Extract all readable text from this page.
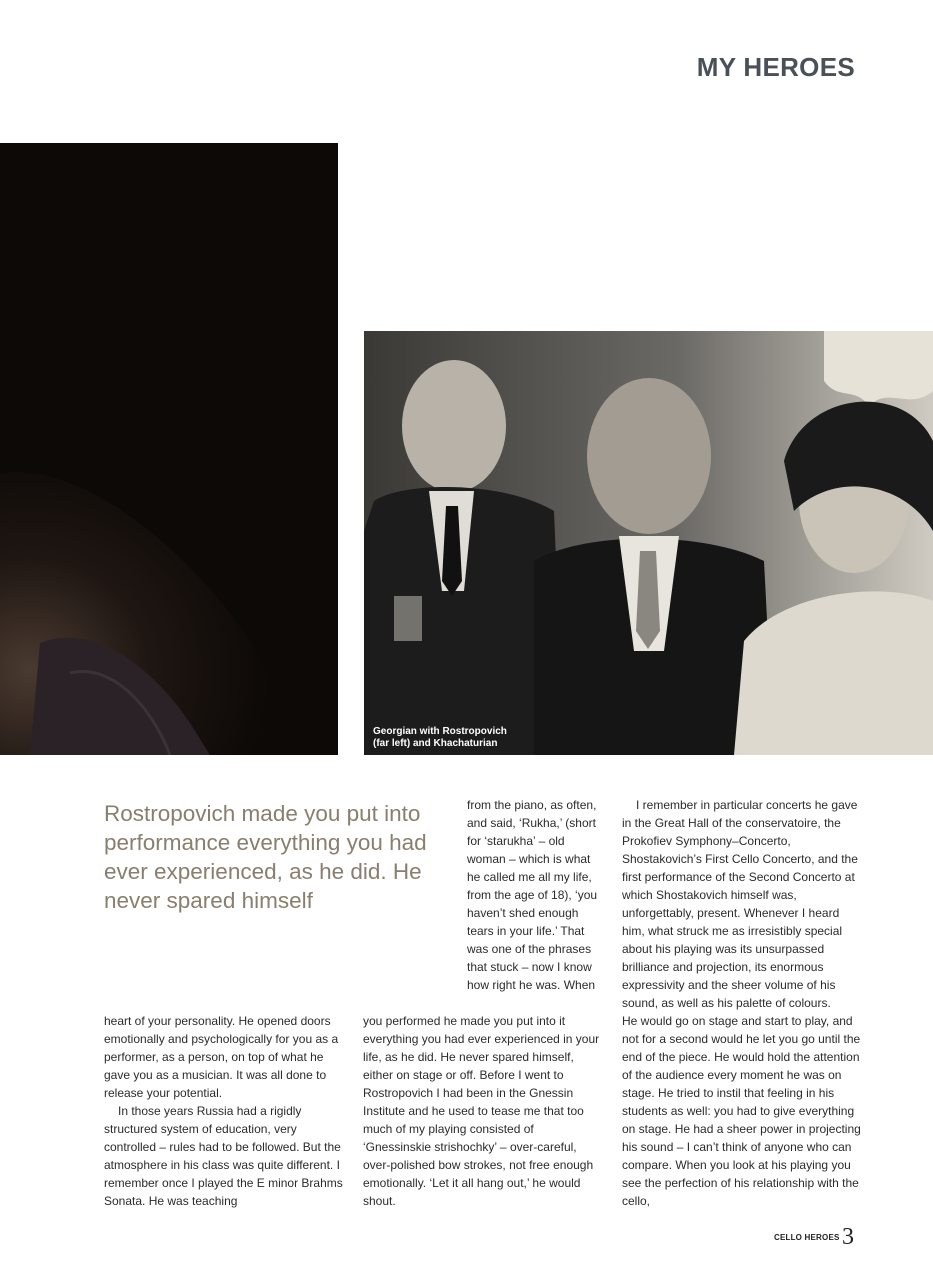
MY HEROES
Georgian with Rostropovich
(far left) and Khachaturian

Rostropovich made you put into performance everything you had ever experienced, as he did. He never spared himself

from the piano, as often, and said, ‘Rukha,’ (short for ‘starukha’ – old woman – which is what he called me all my life, from the age of 18), ‘you haven’t shed enough tears in your life.’ That was one of the phrases that stuck – now I know how right he was. When

heart of your personality. He opened doors emotionally and psychologically for you as a performer, as a person, on top of what he gave you as a musician. It was all done to release your potential.

In those years Russia had a rigidly structured system of education, very controlled – rules had to be followed. But the atmosphere in his class was quite different. I remember once I played the E minor Brahms Sonata. He was teaching

you performed he made you put into it everything you had ever experienced in your life, as he did. He never spared himself, either on stage or off. Before I went to Rostropovich I had been in the Gnessin Institute and he used to tease me that too much of my playing consisted of ‘Gnessinskie strishochky’ – over-careful, over-polished bow strokes, not free enough emotionally. ‘Let it all hang out,’ he would shout.

I remember in particular concerts he gave in the Great Hall of the conservatoire, the Prokofiev Symphony–Concerto, Shostakovich’s First Cello Concerto, and the first performance of the Second Concerto at which Shostakovich himself was, unforgettably, present. Whenever I heard him, what struck me as irresistibly special about his playing was its unsurpassed brilliance and projection, its enormous expressivity and the sheer volume of his sound, as well as his palette of colours.

He would go on stage and start to play, and not for a second would he let you go until the end of the piece. He would hold the attention of the audience every moment he was on stage. He tried to instil that feeling in his students as well: you had to give everything on stage. He had a sheer power in projecting his sound – I can’t think of anyone who can compare. When you look at his playing you see the perfection of his relationship with the cello,

CELLO HEROES 3
